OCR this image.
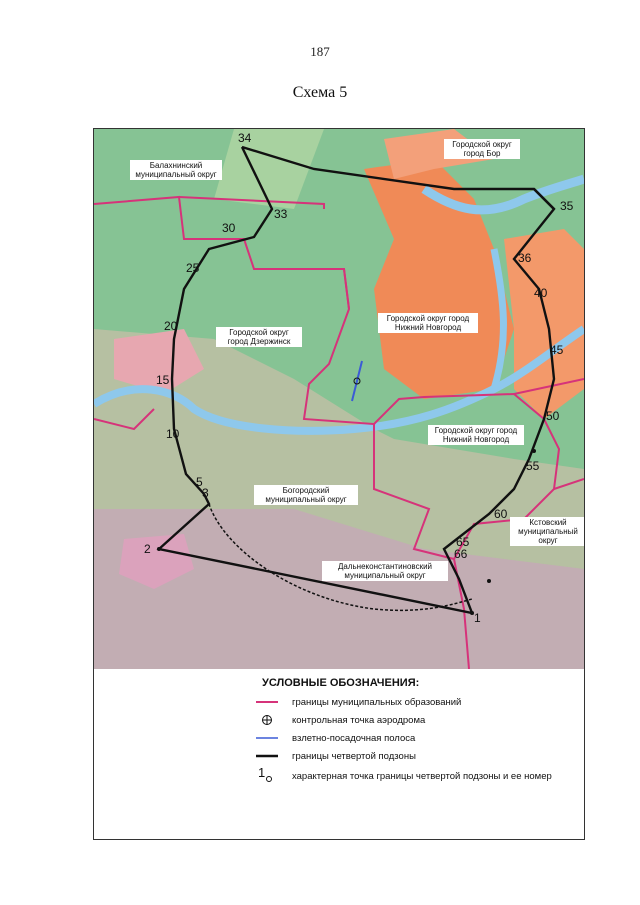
187
Схема 5
Балахнинский муниципальный округ
Городской округ город Бор
Городской округ город Дзержинск
Городской округ город Нижний Новгород
Городской округ город Нижний Новгород
Богородский муниципальный округ
Кстовский муниципальный округ
Дальнеконстантиновский муниципальный округ
34
33
30
25
20
15
10
5
3
2
1
35
36
40
45
50
55
60
65
66
УСЛОВНЫЕ ОБОЗНАЧЕНИЯ:
границы муниципальных образований
контрольная точка аэродрома
взлетно-посадочная полоса
границы четвертой подзоны
1	характерная точка границы четвертой подзоны и ее номер
